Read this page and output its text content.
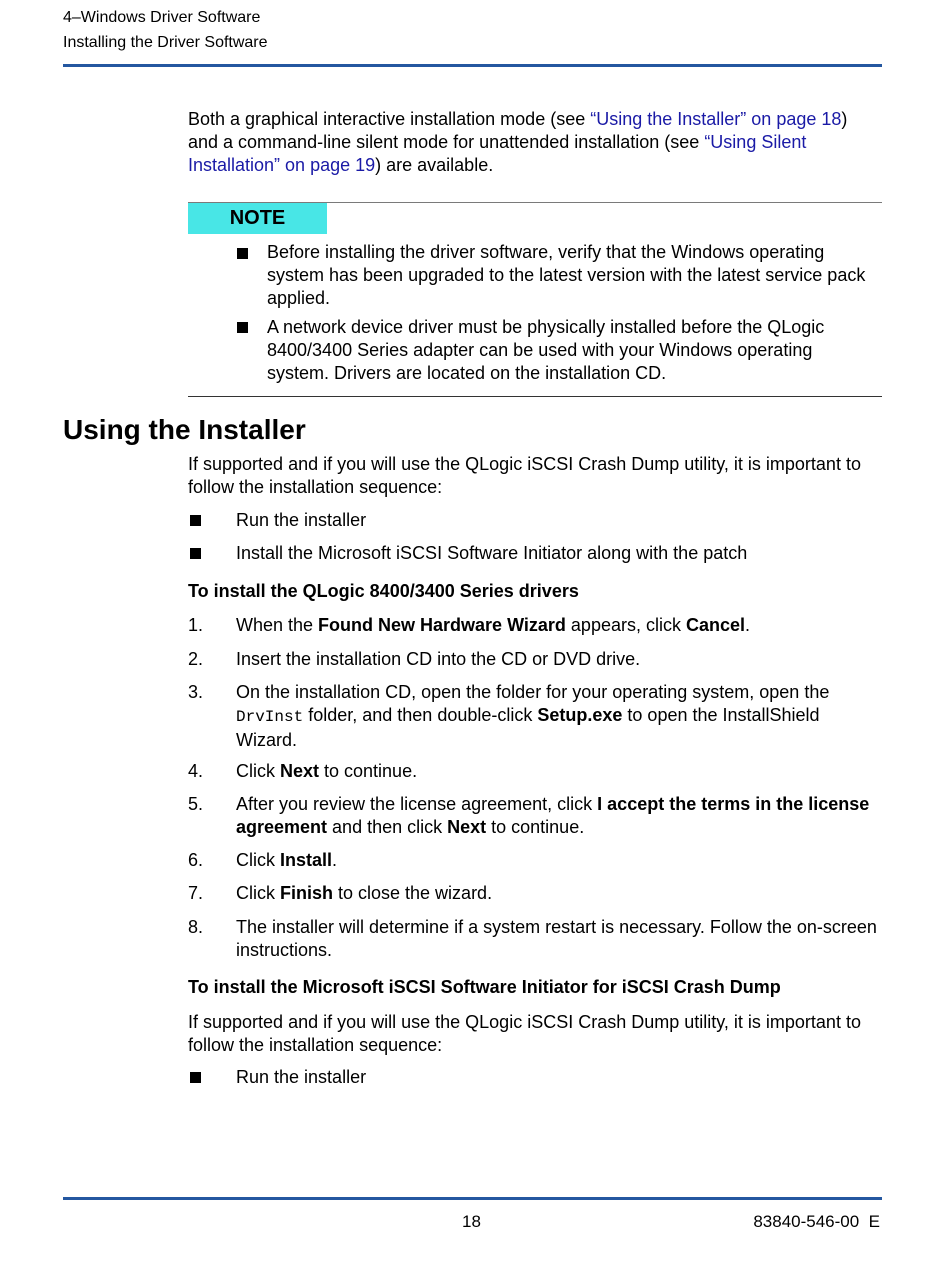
4–Windows Driver Software
Installing the Driver Software
Both a graphical interactive installation mode (see “Using the Installer” on page 18) and a command-line silent mode for unattended installation (see “Using Silent Installation” on page 19) are available.
NOTE
Before installing the driver software, verify that the Windows operating system has been upgraded to the latest version with the latest service pack applied.
A network device driver must be physically installed before the QLogic 8400/3400 Series adapter can be used with your Windows operating system. Drivers are located on the installation CD.
Using the Installer
If supported and if you will use the QLogic iSCSI Crash Dump utility, it is important to follow the installation sequence:
Run the installer
Install the Microsoft iSCSI Software Initiator along with the patch
To install the QLogic 8400/3400 Series drivers
1. When the Found New Hardware Wizard appears, click Cancel.
2. Insert the installation CD into the CD or DVD drive.
3. On the installation CD, open the folder for your operating system, open the DrvInst folder, and then double-click Setup.exe to open the InstallShield Wizard.
4. Click Next to continue.
5. After you review the license agreement, click I accept the terms in the license agreement and then click Next to continue.
6. Click Install.
7. Click Finish to close the wizard.
8. The installer will determine if a system restart is necessary. Follow the on-screen instructions.
To install the Microsoft iSCSI Software Initiator for iSCSI Crash Dump
If supported and if you will use the QLogic iSCSI Crash Dump utility, it is important to follow the installation sequence:
Run the installer
18	83840-546-00  E
